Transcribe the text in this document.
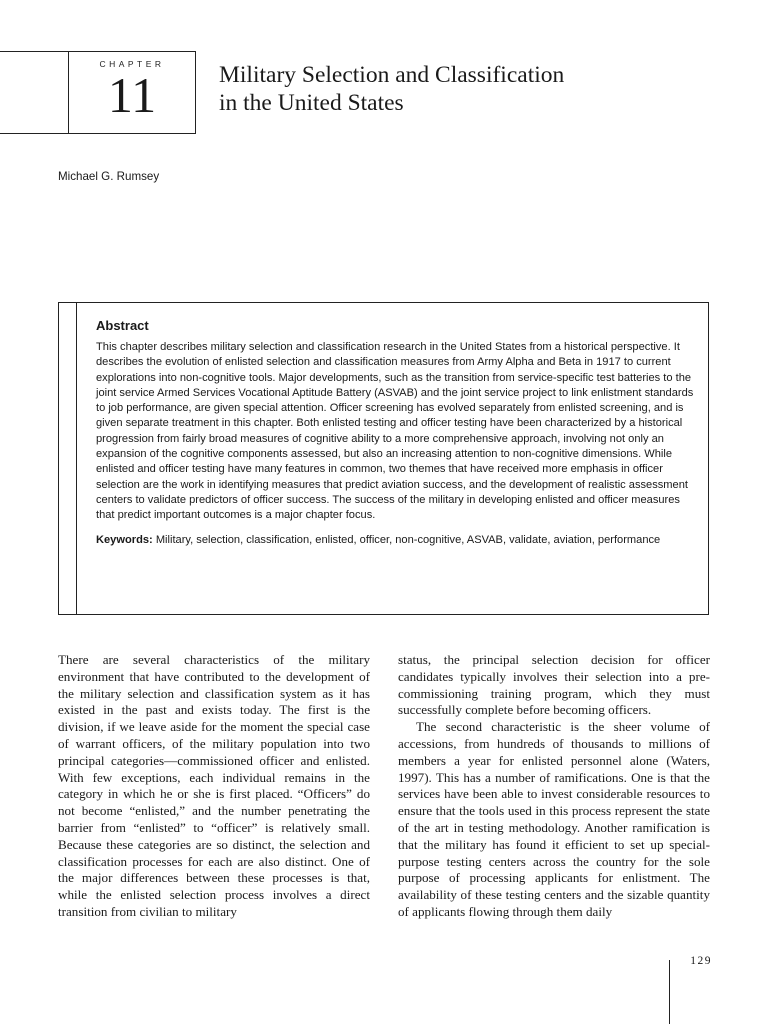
CHAPTER
11	Military Selection and Classification
in the United States
Michael G. Rumsey
Abstract

This chapter describes military selection and classification research in the United States from a historical perspective. It describes the evolution of enlisted selection and classification measures from Army Alpha and Beta in 1917 to current explorations into non-cognitive tools. Major developments, such as the transition from service-specific test batteries to the joint service Armed Services Vocational Aptitude Battery (ASVAB) and the joint service project to link enlistment standards to job performance, are given special attention. Officer screening has evolved separately from enlisted screening, and is given separate treatment in this chapter. Both enlisted testing and officer testing have been characterized by a historical progression from fairly broad measures of cognitive ability to a more comprehensive approach, involving not only an expansion of the cognitive components assessed, but also an increasing attention to non-cognitive dimensions. While enlisted and officer testing have many features in common, two themes that have received more emphasis in officer selection are the work in identifying measures that predict aviation success, and the development of realistic assessment centers to validate predictors of officer success. The success of the military in developing enlisted and officer measures that predict important outcomes is a major chapter focus.

Keywords: Military, selection, classification, enlisted, officer, non-cognitive, ASVAB, validate, aviation, performance

There are several characteristics of the military environment that have contributed to the development of the military selection and classification system as it has existed in the past and exists today. The first is the division, if we leave aside for the moment the special case of warrant officers, of the military population into two principal categories—commissioned officer and enlisted. With few exceptions, each individual remains in the category in which he or she is first placed. “Officers” do not become “enlisted,” and the number penetrating the barrier from “enlisted” to “officer” is relatively small. Because these categories are so distinct, the selection and classification processes for each are also distinct. One of the major differences between these processes is that, while the enlisted selection process involves a direct transition from civilian to military

status, the principal selection decision for officer candidates typically involves their selection into a pre-commissioning training program, which they must successfully complete before becoming officers.

The second characteristic is the sheer volume of accessions, from hundreds of thousands to millions of members a year for enlisted personnel alone (Waters, 1997). This has a number of ramifications. One is that the services have been able to invest considerable resources to ensure that the tools used in this process represent the state of the art in testing methodology. Another ramification is that the military has found it efficient to set up special-purpose testing centers across the country for the sole purpose of processing applicants for enlistment. The availability of these testing centers and the sizable quantity of applicants flowing through them daily

129
